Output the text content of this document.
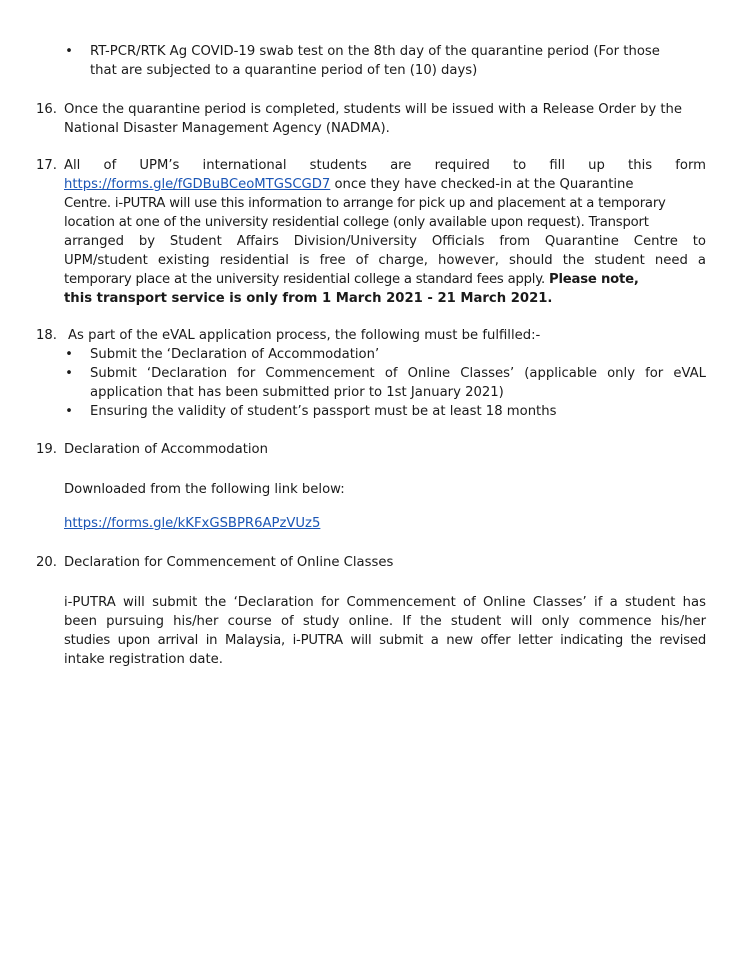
• RT-PCR/RTK Ag COVID-19 swab test on the 8th day of the quarantine period (For those
that are subjected to a quarantine period of ten (10) days)
16. Once the quarantine period is completed, students will be issued with a Release Order by the
National Disaster Management Agency (NADMA).
17. All of UPM’s international students are required to fill up this form
https://forms.gle/fGDBuBCeoMTGSCGD7 once they have checked-in at the Quarantine
Centre. i-PUTRA will use this information to arrange for pick up and placement at a temporary
location at one of the university residential college (only available upon request). Transport
arranged by Student Affairs Division/University Officials from Quarantine Centre to
UPM/student existing residential is free of charge, however, should the student need a
temporary place at the university residential college a standard fees apply. Please note,
this transport service is only from 1 March 2021 - 21 March 2021.
18. As part of the eVAL application process, the following must be fulfilled:-
• Submit the ‘Declaration of Accommodation’
• Submit ‘Declaration for Commencement of Online Classes’ (applicable only for eVAL
application that has been submitted prior to 1st January 2021)
• Ensuring the validity of student’s passport must be at least 18 months
19. Declaration of Accommodation
Downloaded from the following link below:
https://forms.gle/kKFxGSBPR6APzVUz5
20. Declaration for Commencement of Online Classes
i-PUTRA will submit the ‘Declaration for Commencement of Online Classes’ if a student has
been pursuing his/her course of study online. If the student will only commence his/her
studies upon arrival in Malaysia, i-PUTRA will submit a new offer letter indicating the revised
intake registration date.
